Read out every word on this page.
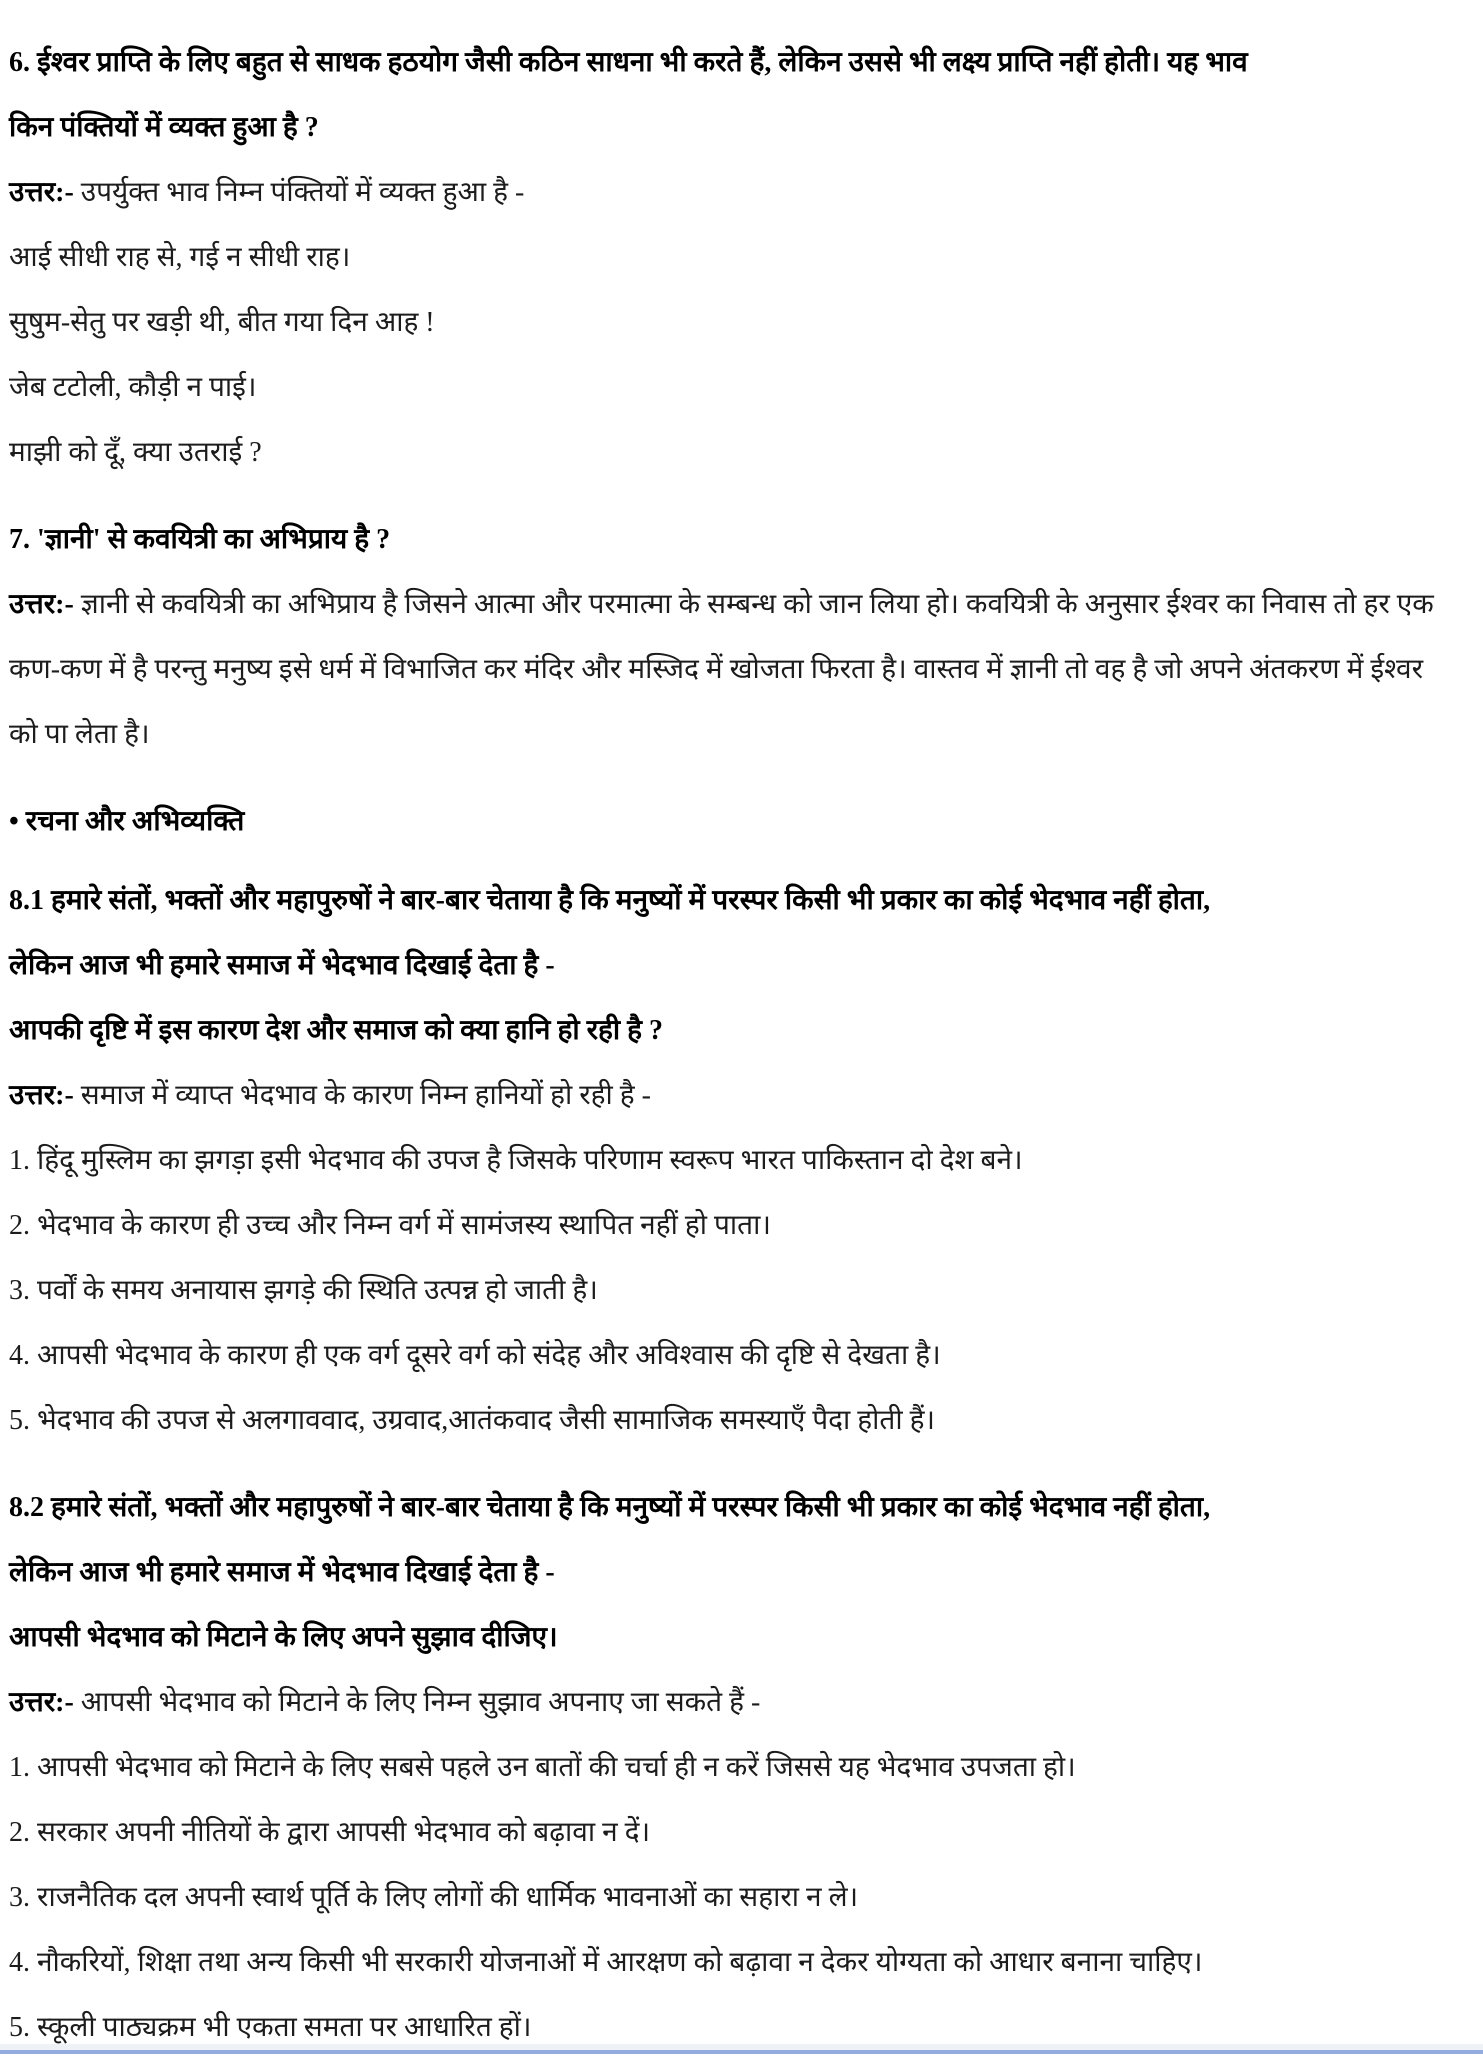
6. ईश्वर प्राप्ति के लिए बहुत से साधक हठयोग जैसी कठिन साधना भी करते हैं, लेकिन उससे भी लक्ष्य प्राप्ति नहीं होती। यह भाव

किन पंक्तियों में व्यक्त हुआ है ?

उत्तर:- उपर्युक्त भाव निम्न पंक्तियों में व्यक्त हुआ है -

आई सीधी राह से, गई न सीधी राह।

सुषुम-सेतु पर खड़ी थी, बीत गया दिन आह !

जेब टटोली, कौड़ी न पाई।

माझी को दूँ, क्या उतराई ?

7. 'ज्ञानी' से कवयित्री का अभिप्राय है ?

उत्तर:- ज्ञानी से कवयित्री का अभिप्राय है जिसने आत्मा और परमात्मा के सम्बन्ध को जान लिया हो। कवयित्री के अनुसार ईश्वर का निवास तो हर एक कण-कण में है परन्तु मनुष्य इसे धर्म में विभाजित कर मंदिर और मस्जिद में खोजता फिरता है। वास्तव में ज्ञानी तो वह है जो अपने अंतकरण में ईश्वर को पा लेता है।

• रचना और अभिव्यक्ति

8.1 हमारे संतों, भक्तों और महापुरुषों ने बार-बार चेताया है कि मनुष्यों में परस्पर किसी भी प्रकार का कोई भेदभाव नहीं होता,

लेकिन आज भी हमारे समाज में भेदभाव दिखाई देता है -

आपकी दृष्टि में इस कारण देश और समाज को क्या हानि हो रही है ?

उत्तर:- समाज में व्याप्त भेदभाव के कारण निम्न हानियों हो रही है -

1. हिंदू मुस्लिम का झगड़ा इसी भेदभाव की उपज है जिसके परिणाम स्वरूप भारत पाकिस्तान दो देश बने।

2. भेदभाव के कारण ही उच्च और निम्न वर्ग में सामंजस्य स्थापित नहीं हो पाता।

3. पर्वों के समय अनायास झगड़े की स्थिति उत्पन्न हो जाती है।

4. आपसी भेदभाव के कारण ही एक वर्ग दूसरे वर्ग को संदेह और अविश्वास की दृष्टि से देखता है।

5. भेदभाव की उपज से अलगाववाद, उग्रवाद,आतंकवाद जैसी सामाजिक समस्याएँ पैदा होती हैं।

8.2 हमारे संतों, भक्तों और महापुरुषों ने बार-बार चेताया है कि मनुष्यों में परस्पर किसी भी प्रकार का कोई भेदभाव नहीं होता,

लेकिन आज भी हमारे समाज में भेदभाव दिखाई देता है -

आपसी भेदभाव को मिटाने के लिए अपने सुझाव दीजिए।

उत्तर:- आपसी भेदभाव को मिटाने के लिए निम्न सुझाव अपनाए जा सकते हैं -

1. आपसी भेदभाव को मिटाने के लिए सबसे पहले उन बातों की चर्चा ही न करें जिससे यह भेदभाव उपजता हो।

2. सरकार अपनी नीतियों के द्वारा आपसी भेदभाव को बढ़ावा न दें।

3. राजनैतिक दल अपनी स्वार्थ पूर्ति के लिए लोगों की धार्मिक भावनाओं का सहारा न ले।

4. नौकरियों, शिक्षा तथा अन्य किसी भी सरकारी योजनाओं में आरक्षण को बढ़ावा न देकर योग्यता को आधार बनाना चाहिए।

5. स्कूली पाठ्यक्रम भी एकता समता पर आधारित हों।
